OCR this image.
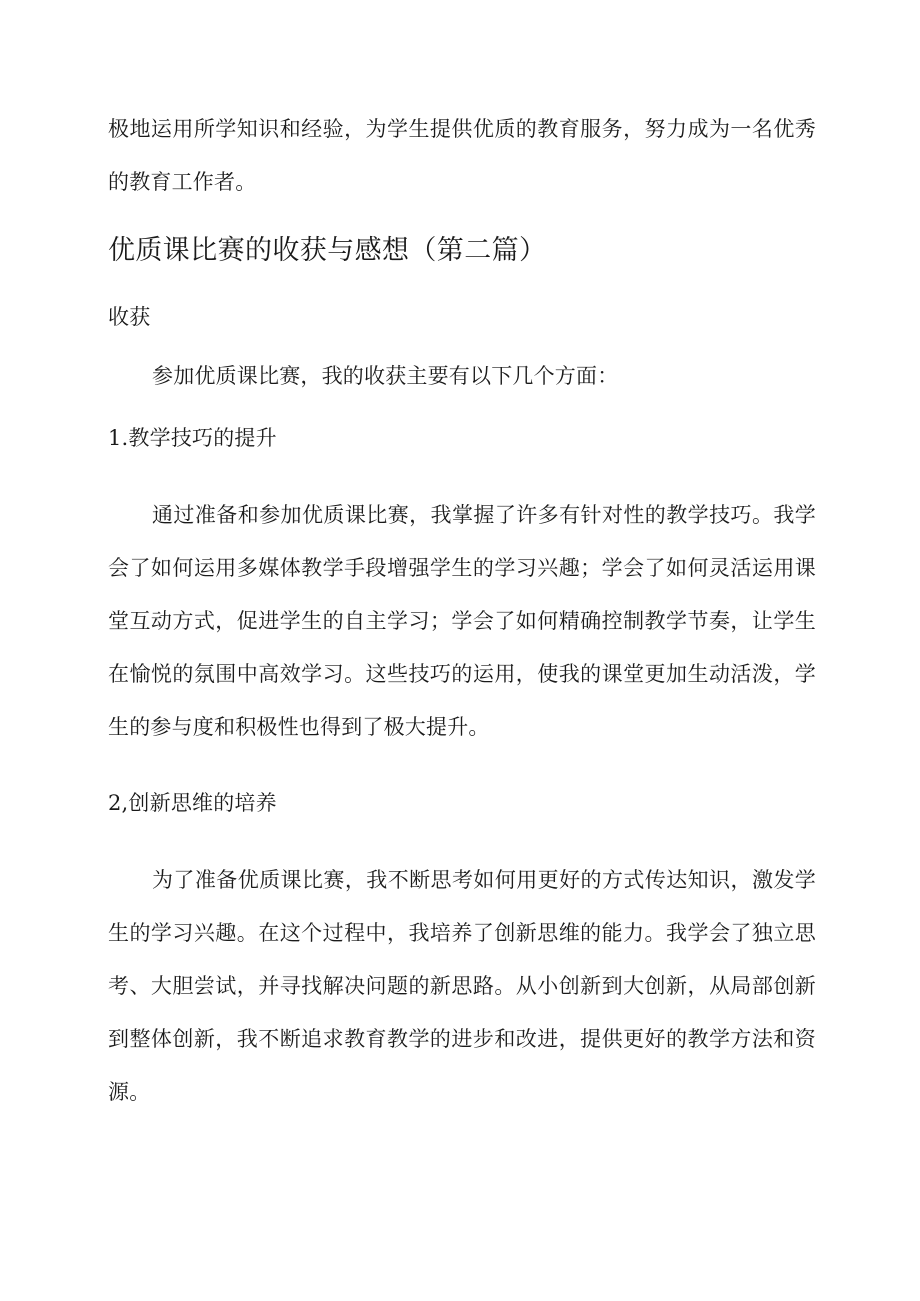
极地运用所学知识和经验，为学生提供优质的教育服务，努力成为一名优秀的教育工作者。

优质课比赛的收获与感想（第二篇）
收获

参加优质课比赛，我的收获主要有以下几个方面：

1.教学技巧的提升

通过准备和参加优质课比赛，我掌握了许多有针对性的教学技巧。我学会了如何运用多媒体教学手段增强学生的学习兴趣；学会了如何灵活运用课堂互动方式，促进学生的自主学习；学会了如何精确控制教学节奏，让学生在愉悦的氛围中高效学习。这些技巧的运用，使我的课堂更加生动活泼，学生的参与度和积极性也得到了极大提升。

2,创新思维的培养

为了准备优质课比赛，我不断思考如何用更好的方式传达知识，激发学生的学习兴趣。在这个过程中，我培养了创新思维的能力。我学会了独立思考、大胆尝试，并寻找解决问题的新思路。从小创新到大创新，从局部创新到整体创新，我不断追求教育教学的进步和改进，提供更好的教学方法和资源。
